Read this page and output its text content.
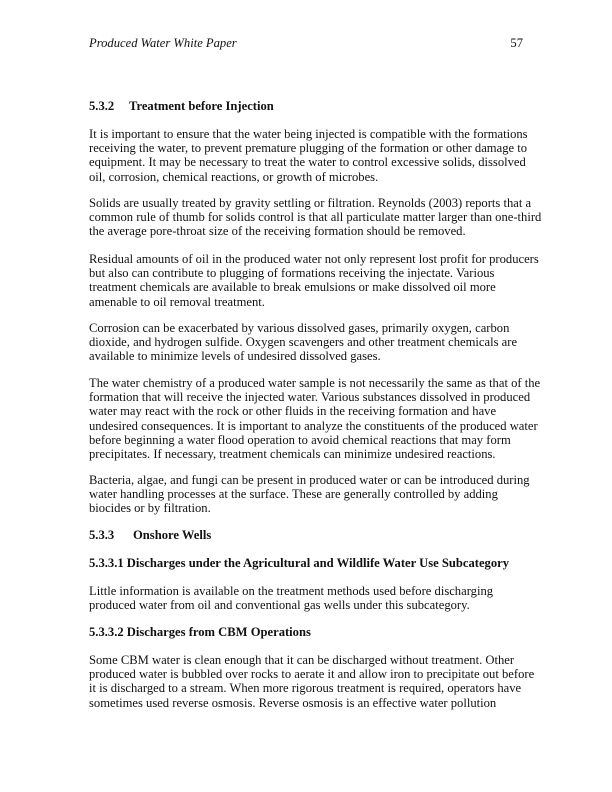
Produced Water White Paper	57
5.3.2 Treatment before Injection
It is important to ensure that the water being injected is compatible with the formations
receiving the water, to prevent premature plugging of the formation or other damage to
equipment. It may be necessary to treat the water to control excessive solids, dissolved
oil, corrosion, chemical reactions, or growth of microbes.
Solids are usually treated by gravity settling or filtration. Reynolds (2003) reports that a
common rule of thumb for solids control is that all particulate matter larger than one-third
the average pore-throat size of the receiving formation should be removed.
Residual amounts of oil in the produced water not only represent lost profit for producers
but also can contribute to plugging of formations receiving the injectate. Various
treatment chemicals are available to break emulsions or make dissolved oil more
amenable to oil removal treatment.
Corrosion can be exacerbated by various dissolved gases, primarily oxygen, carbon
dioxide, and hydrogen sulfide. Oxygen scavengers and other treatment chemicals are
available to minimize levels of undesired dissolved gases.
The water chemistry of a produced water sample is not necessarily the same as that of the
formation that will receive the injected water. Various substances dissolved in produced
water may react with the rock or other fluids in the receiving formation and have
undesired consequences. It is important to analyze the constituents of the produced water
before beginning a water flood operation to avoid chemical reactions that may form
precipitates. If necessary, treatment chemicals can minimize undesired reactions.
Bacteria, algae, and fungi can be present in produced water or can be introduced during
water handling processes at the surface. These are generally controlled by adding
biocides or by filtration.
5.3.3 Onshore Wells
5.3.3.1 Discharges under the Agricultural and Wildlife Water Use Subcategory
Little information is available on the treatment methods used before discharging
produced water from oil and conventional gas wells under this subcategory.
5.3.3.2 Discharges from CBM Operations
Some CBM water is clean enough that it can be discharged without treatment. Other
produced water is bubbled over rocks to aerate it and allow iron to precipitate out before
it is discharged to a stream. When more rigorous treatment is required, operators have
sometimes used reverse osmosis. Reverse osmosis is an effective water pollution
